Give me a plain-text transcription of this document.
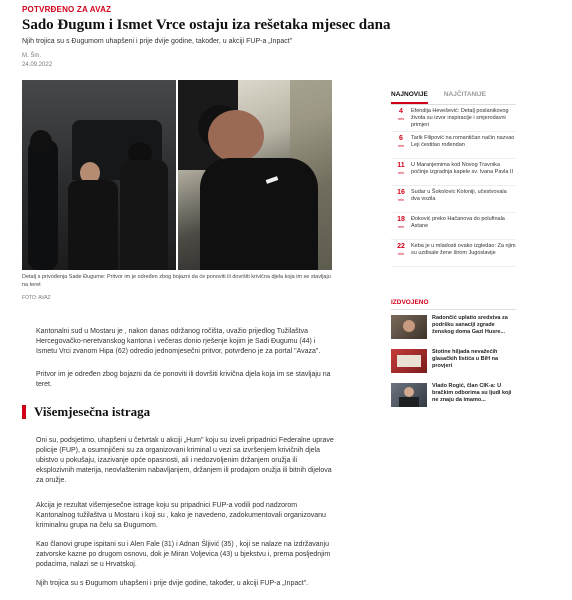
POTVRĐENO ZA AVAZ
Sado Đugum i Ismet Vrce ostaju iza rešetaka mjesec dana
Njih trojica su s Đugumom uhapšeni i prije dvije godine, također, u akciji FUP-a „Inpact"
M. Šm.
24.09.2022
Detalj s privođenja Sade Đugume: Pritvor im je određen zbog bojazni da će ponoviti ili dovršiti krivična djela koja im se stavljaju na teret
FOTO: AVAZ

Kantonalni sud u Mostaru je , nakon danas održanog ročišta, uvažio prijedlog Tužilaštva Hercegovačko-neretvanskog kantona i večeras donio rješenje kojim je Sadi Đugumu (44) i Ismetu Vrci zvanom Hipa (62) odredio jednomjesečni pritvor, potvrđeno je za portal "Avaza".

Pritvor im je određen zbog bojazni da će ponoviti ili dovršiti krivična djela koja im se stavljaju na teret.

Višemjesečna istraga

Oni su, podsjetimo, uhapšeni u četvrtak u akciji „Hum" koju su izveli pripadnici Federalne uprave policije (FUP), a osumnjičeni su za organizovani kriminal u vezi sa izvršenjem krivičnih djela ubistvo u pokušaju, izazivanje opće opasnosti, ali i nedozvoljenim držanjem oružja ili eksplozivnih materija, neovlaštenim nabavljanjem, držanjem ili prodajom oružja ili bitnih dijelova za oružje.

Akcija je rezultat višemjesečne istrage koju su pripadnici FUP-a vodili pod nadzorom Kantonalnog tužilaštva u Mostaru i koji su , kako je navedeno, zadokumentovali organizovanu kriminalnu grupa na čelu sa Đugumom.

Kao članovi grupe ispitani su i Alen Fale (31) i Adnan Šljivić (35) , koji se nalaze na izdržavanju zatvorske kazne po drugom osnovu, dok je Miran Voljevica (43) u bjekstvu i, prema posljednjim podacima, nalazi se u Hrvatskoj.

Njih trojica su s Đugumom uhapšeni i prije dvije godine, također, u akciji FUP-a „Inpact".

NAJNOVIJE NAJČITANIJE
4
min
Efendija Hevešević: Detalj poslanikovog života su izvor inspiracije i smjerodavni primjeri
6
min
Tarik Filipović na romantičan način nazvao Leji čestitao rođendan
11
min
U Maranjemima kod Novog Travnika počinje izgradnja kapele sv. Ivana Pavla II
16
min
Sudar u Šokolovic Koloniji, učestvovala dva vozila
18
min
Đoković preko Hačanova do polufinala Astane
22
min
Keba je u mladosti ovako izgledao: Za njim su uzdisale žene širom Jugoslavije
IZDVOJENO
Radončić uplatio sredstva za podršku sanaciji zgrade ženskog doma Gazi Husre...
Stotine hiljada nevažećih glasačkih listića u BiH na provjeri
Vlado Rogić, član CIK-a: U bračkim odborima su ljudi koji ne znaju da imamo...
